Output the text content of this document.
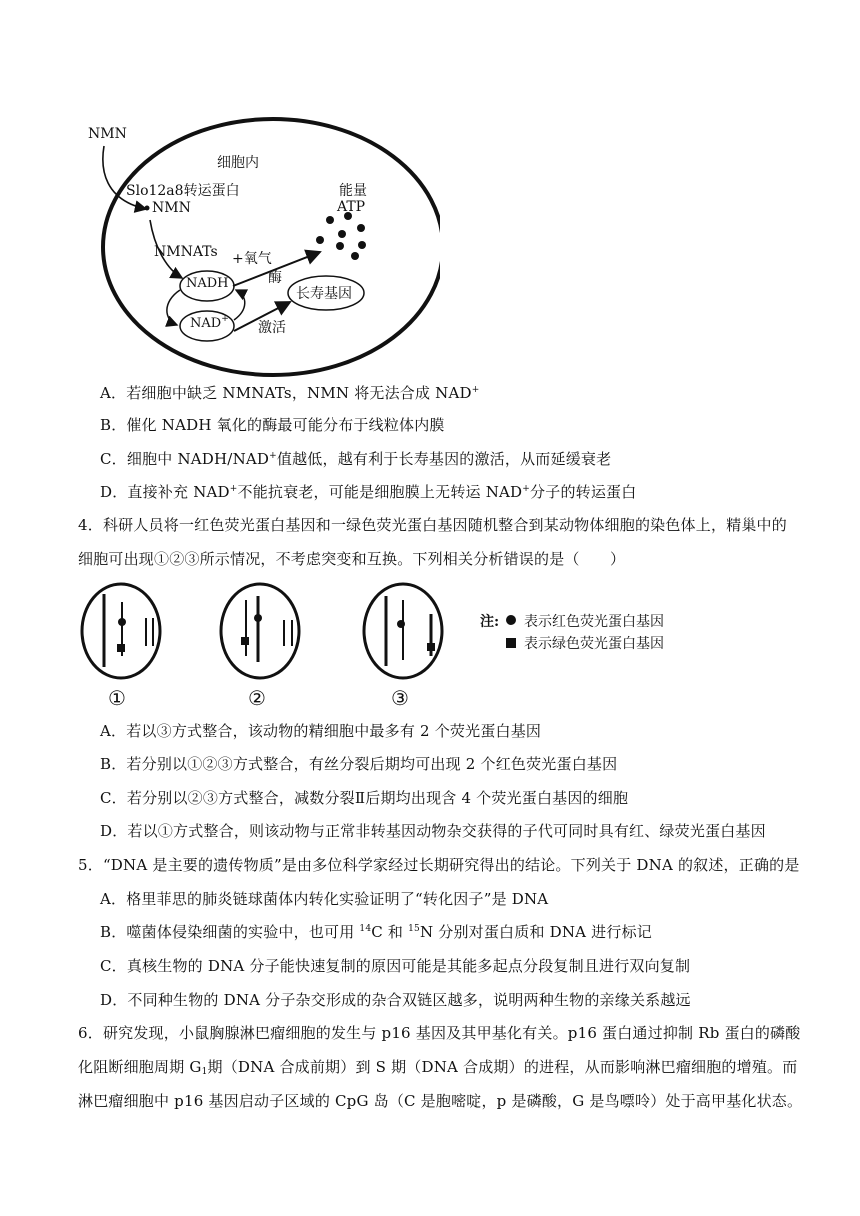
NMN
细胞内
Slo12a8转运蛋白
NMN
能量
ATP
NMNATs +氧气
酶
NADH
NAD+
长寿基因
激活
A．若细胞中缺乏 NMNATs，NMN 将无法合成 NAD+
B．催化 NADH 氧化的酶最可能分布于线粒体内膜
C．细胞中 NADH/NAD+值越低，越有利于长寿基因的激活，从而延缓衰老
D．直接补充 NAD+不能抗衰老，可能是细胞膜上无转运 NAD+分子的转运蛋白
4．科研人员将一红色荧光蛋白基因和一绿色荧光蛋白基因随机整合到某动物体细胞的染色体上，精巢中的
细胞可出现①②③所示情况，不考虑突变和互换。下列相关分析错误的是（　　）
①	②	③
注: 表示红色荧光蛋白基因
表示绿色荧光蛋白基因
A．若以③方式整合，该动物的精细胞中最多有 2 个荧光蛋白基因
B．若分别以①②③方式整合，有丝分裂后期均可出现 2 个红色荧光蛋白基因
C．若分别以②③方式整合，减数分裂Ⅱ后期均出现含 4 个荧光蛋白基因的细胞
D．若以①方式整合，则该动物与正常非转基因动物杂交获得的子代可同时具有红、绿荧光蛋白基因
5．“DNA 是主要的遗传物质”是由多位科学家经过长期研究得出的结论。下列关于 DNA 的叙述，正确的是
A．格里菲思的肺炎链球菌体内转化实验证明了“转化因子”是 DNA
B．噬菌体侵染细菌的实验中，也可用 $^{14}$C 和 $^{15}$N 分别对蛋白质和 DNA 进行标记
C．真核生物的 DNA 分子能快速复制的原因可能是其能多起点分段复制且进行双向复制
D．不同种生物的 DNA 分子杂交形成的杂合双链区越多，说明两种生物的亲缘关系越远
6．研究发现，小鼠胸腺淋巴瘤细胞的发生与 p16 基因及其甲基化有关。p16 蛋白通过抑制 Rb 蛋白的磷酸
化阻断细胞周期 $G_1$期（DNA 合成前期）到 S 期（DNA 合成期）的进程，从而影响淋巴瘤细胞的增殖。而
淋巴瘤细胞中 p16 基因启动子区域的 CpG 岛（C 是胞嘧啶，p 是磷酸，G 是鸟嘌呤）处于高甲基化状态。
